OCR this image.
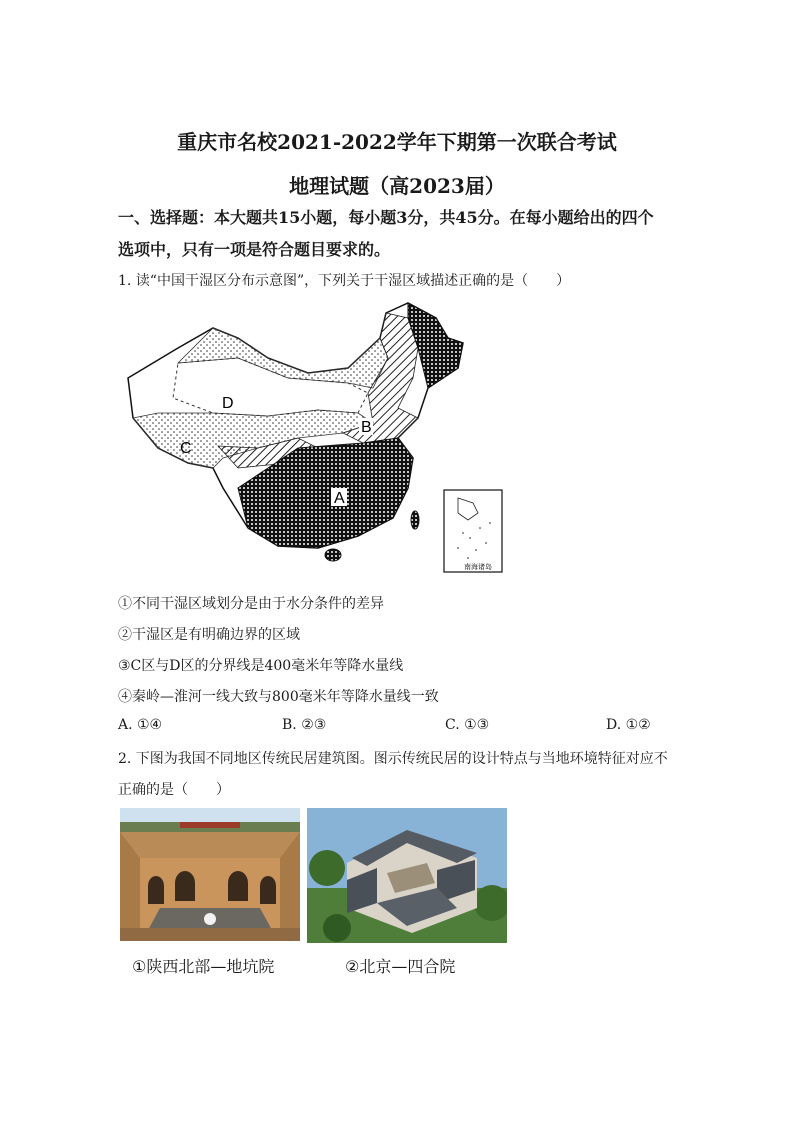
重庆市名校2021-2022学年下期第一次联合考试
地理试题（高2023届）
一、选择题：本大题共15小题，每小题3分，共45分。在每小题给出的四个
选项中，只有一项是符合题目要求的。
1. 读“中国干湿区分布示意图”，下列关于干湿区域描述正确的是（　　）
A
B
C
D
南海诸岛
①不同干湿区域划分是由于水分条件的差异
②干湿区是有明确边界的区域
③C区与D区的分界线是400毫米年等降水量线
④秦岭—淮河一线大致与800毫米年等降水量线一致
A. ①④	B. ②③	C. ①③	D. ①②
2. 下图为我国不同地区传统民居建筑图。图示传统民居的设计特点与当地环境特征对应不
正确的是（　　）
①陕西北部—地坑院	②北京—四合院
